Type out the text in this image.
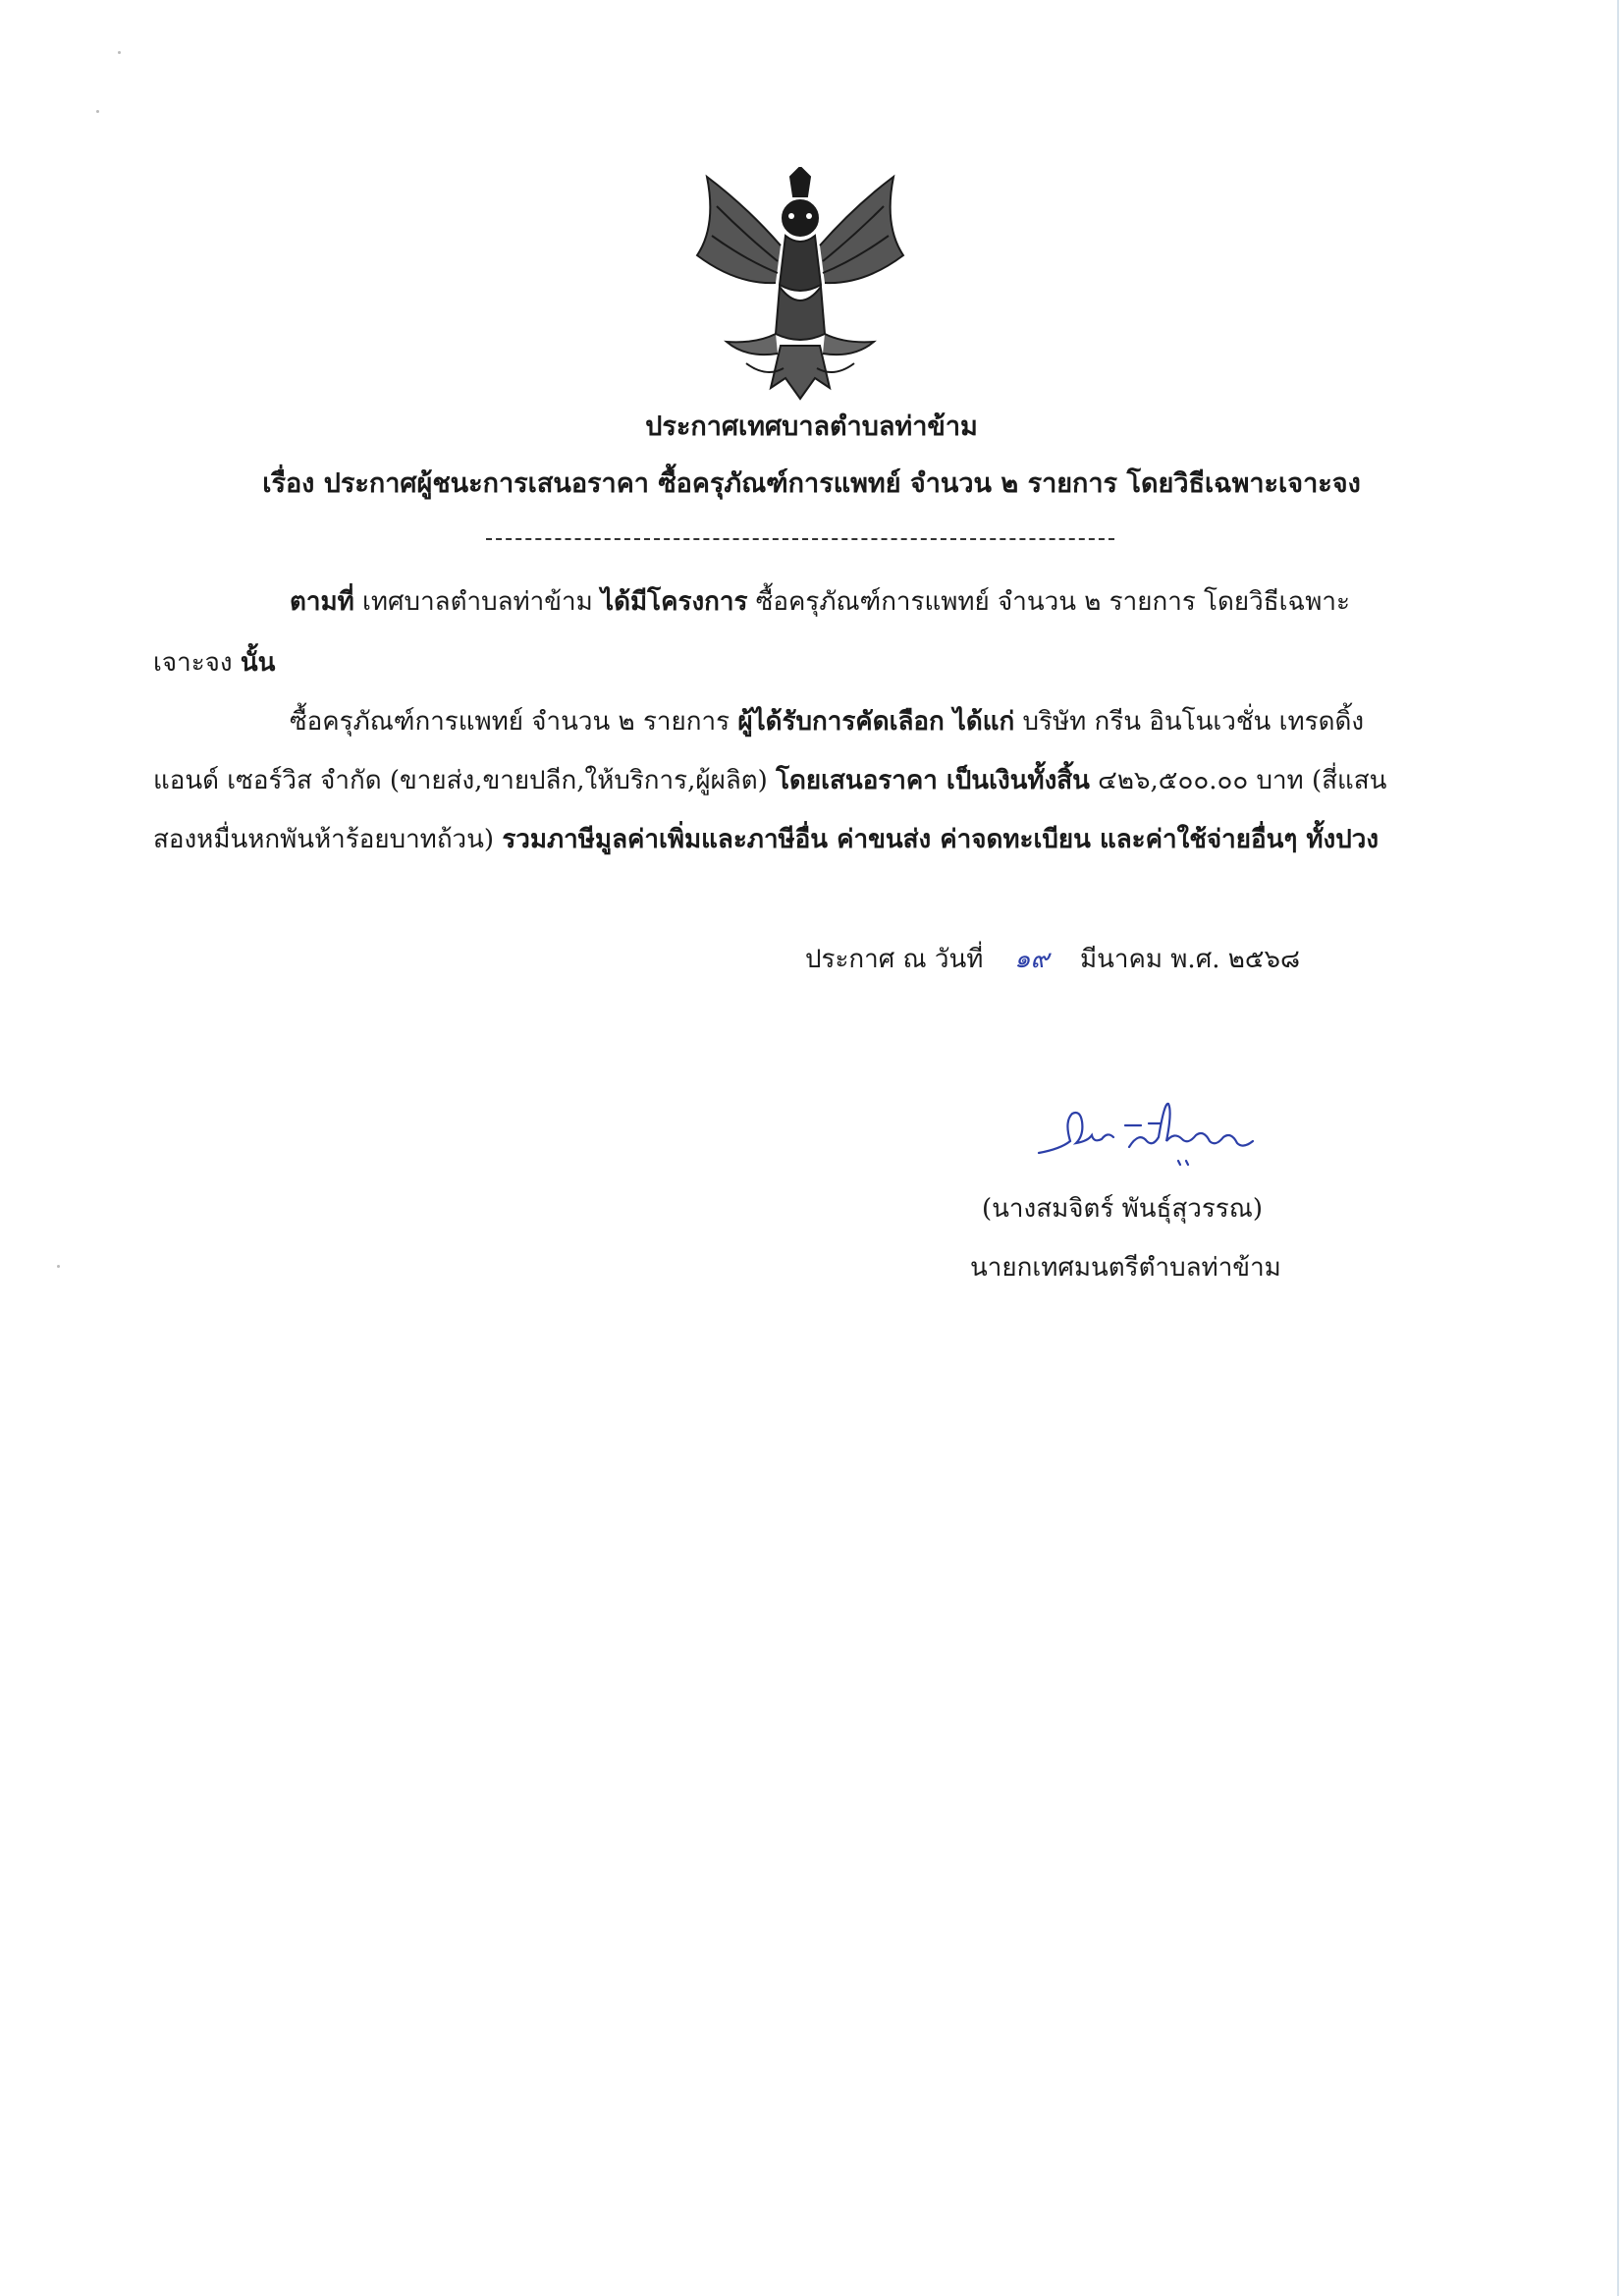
ประกาศเทศบาลตำบลท่าข้าม
เรื่อง ประกาศผู้ชนะการเสนอราคา ซื้อครุภัณฑ์การแพทย์ จำนวน ๒ รายการ โดยวิธีเฉพาะเจาะจง
ตามที่ เทศบาลตำบลท่าข้าม ได้มีโครงการ ซื้อครุภัณฑ์การแพทย์ จำนวน ๒ รายการ โดยวิธีเฉพาะ
เจาะจง นั้น
ซื้อครุภัณฑ์การแพทย์ จำนวน ๒ รายการ ผู้ได้รับการคัดเลือก ได้แก่ บริษัท กรีน อินโนเวชั่น เทรดดิ้ง
แอนด์ เซอร์วิส จำกัด (ขายส่ง,ขายปลีก,ให้บริการ,ผู้ผลิต) โดยเสนอราคา เป็นเงินทั้งสิ้น ๔๒๖,๕๐๐.๐๐ บาท (สี่แสน
สองหมื่นหกพันห้าร้อยบาทถ้วน) รวมภาษีมูลค่าเพิ่มและภาษีอื่น ค่าขนส่ง ค่าจดทะเบียน และค่าใช้จ่ายอื่นๆ ทั้งปวง
ประกาศ ณ วันที่ ๑๙ มีนาคม พ.ศ. ๒๕๖๘
(นางสมจิตร์ พันธุ์สุวรรณ)
นายกเทศมนตรีตำบลท่าข้าม
